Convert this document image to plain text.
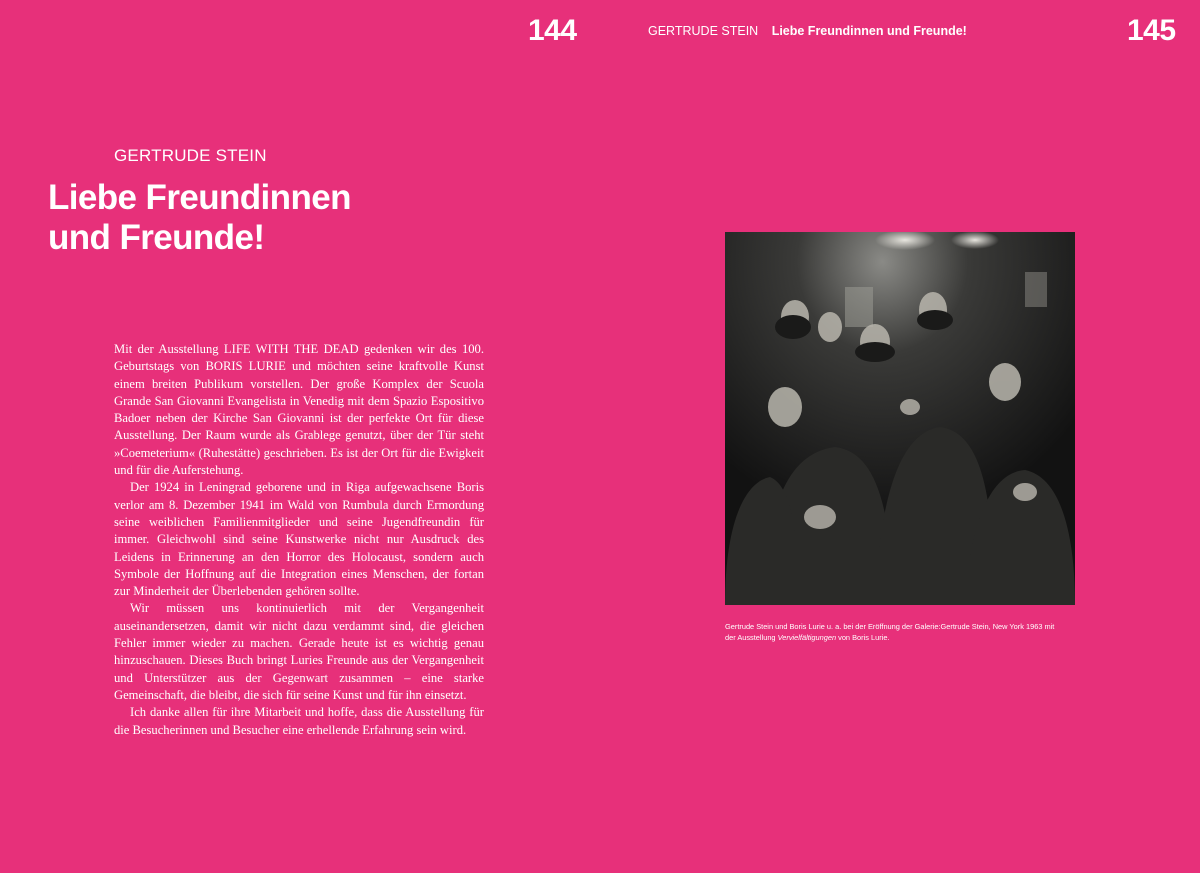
144	GERTRUDE STEIN Liebe Freundinnen und Freunde!	145
GERTRUDE STEIN
Liebe Freundinnen
und Freunde!

Mit der Ausstellung LIFE WITH THE DEAD gedenken wir des 100. Geburtstags von BORIS LURIE und möchten seine kraftvolle Kunst einem breiten Publikum vorstellen. Der große Komplex der Scuola Grande San Giovanni Evangelista in Venedig mit dem Spazio Espositivo Badoer neben der Kirche San Giovanni ist der perfekte Ort für diese Ausstellung. Der Raum wurde als Grablege genutzt, über der Tür steht »Coemeterium« (Ruhestätte) geschrieben. Es ist der Ort für die Ewigkeit und für die Auferstehung.

Der 1924 in Leningrad geborene und in Riga aufgewachsene Boris verlor am 8. Dezember 1941 im Wald von Rumbula durch Ermordung seine weiblichen Familienmitglieder und seine Jugendfreundin für immer. Gleichwohl sind seine Kunstwerke nicht nur Ausdruck des Leidens in Erinnerung an den Horror des Holocaust, sondern auch Symbole der Hoffnung auf die Integration eines Menschen, der fortan zur Minderheit der Überlebenden gehören sollte.

Wir müssen uns kontinuierlich mit der Vergangenheit auseinandersetzen, damit wir nicht dazu verdammt sind, die gleichen Fehler immer wieder zu machen. Gerade heute ist es wichtig genau hinzuschauen. Dieses Buch bringt Luries Freunde aus der Vergangenheit und Unterstützer aus der Gegenwart zusammen – eine starke Gemeinschaft, die bleibt, die sich für seine Kunst und für ihn einsetzt.

Ich danke allen für ihre Mitarbeit und hoffe, dass die Ausstellung für die Besucherinnen und Besucher eine erhellende Erfahrung sein wird.

Gertrude Stein und Boris Lurie u. a. bei der Eröffnung der Galerie:Gertrude Stein, New York 1963 mit der Ausstellung Vervielfältigungen von Boris Lurie.
